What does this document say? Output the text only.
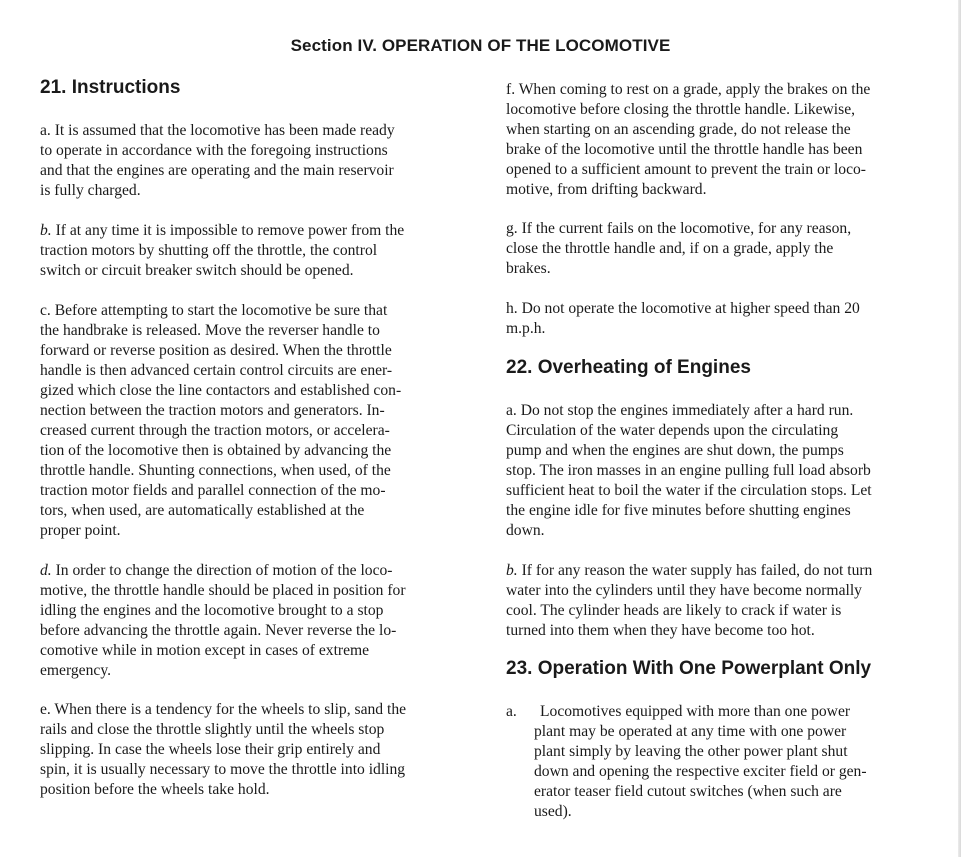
Section IV. OPERATION OF THE LOCOMOTIVE
21. Instructions
a. It is assumed that the locomotive has been made ready
to operate in accordance with the foregoing instructions
and that the engines are operating and the main reservoir
is fully charged.
b. If at any time it is impossible to remove power from the
traction motors by shutting off the throttle, the control
switch or circuit breaker switch should be opened.
c. Before attempting to start the locomotive be sure that
the handbrake is released. Move the reverser handle to
forward or reverse position as desired. When the throttle
handle is then advanced certain control circuits are ener-
gized which close the line contactors and established con-
nection between the traction motors and generators. In-
creased current through the traction motors, or accelera-
tion of the locomotive then is obtained by advancing the
throttle handle. Shunting connections, when used, of the
traction motor fields and parallel connection of the mo-
tors, when used, are automatically established at the
proper point.
d. In order to change the direction of motion of the loco-
motive, the throttle handle should be placed in position for
idling the engines and the locomotive brought to a stop
before advancing the throttle again. Never reverse the lo-
comotive while in motion except in cases of extreme
emergency.
e. When there is a tendency for the wheels to slip, sand the
rails and close the throttle slightly until the wheels stop
slipping. In case the wheels lose their grip entirely and
spin, it is usually necessary to move the throttle into idling
position before the wheels take hold.
f. When coming to rest on a grade, apply the brakes on the
locomotive before closing the throttle handle. Likewise,
when starting on an ascending grade, do not release the
brake of the locomotive until the throttle handle has been
opened to a sufficient amount to prevent the train or loco-
motive, from drifting backward.
g. If the current fails on the locomotive, for any reason,
close the throttle handle and, if on a grade, apply the
brakes.
h. Do not operate the locomotive at higher speed than 20
m.p.h.
22. Overheating of Engines
a. Do not stop the engines immediately after a hard run.
Circulation of the water depends upon the circulating
pump and when the engines are shut down, the pumps
stop. The iron masses in an engine pulling full load absorb
sufficient heat to boil the water if the circulation stops. Let
the engine idle for five minutes before shutting engines
down.
b. If for any reason the water supply has failed, do not turn
water into the cylinders until they have become normally
cool. The cylinder heads are likely to crack if water is
turned into them when they have become too hot.
23. Operation With One Powerplant Only
a. Locomotives equipped with more than one power
plant may be operated at any time with one power
plant simply by leaving the other power plant shut
down and opening the respective exciter field or gen-
erator teaser field cutout switches (when such are
used).
